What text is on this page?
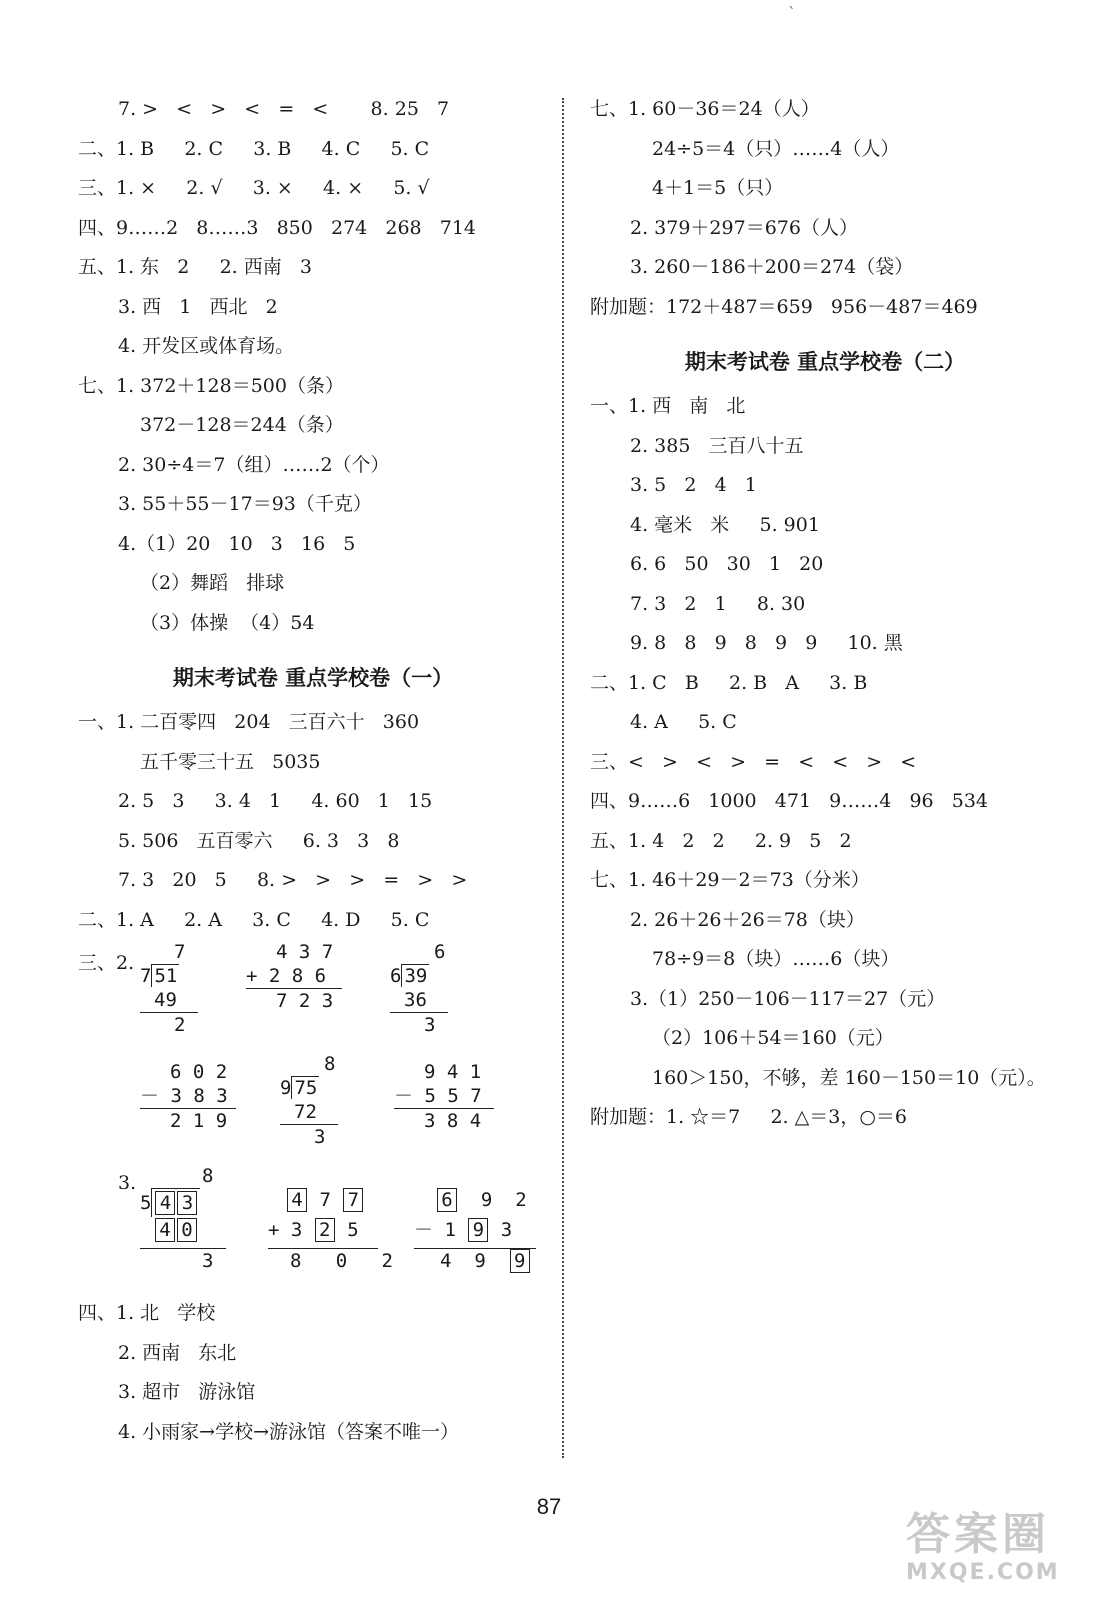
ˋ
7. >   <   >   <   =   <       8. 25   7
二、1. B     2. C     3. B     4. C     5. C
三、1. ×     2. √     3. ×     4. ×     5. √
四、9……2   8……3   850   274   268   714
五、1. 东   2     2. 西南   3
3. 西   1   西北   2
4. 开发区或体育场。
七、1. 372＋128＝500（条）
372－128＝244（条）
2. 30÷4＝7（组）……2（个）
3. 55＋55－17＝93（千克）
4.（1）20   10   3   16   5
（2）舞蹈   排球
（3）体操  （4）54
期末考试卷 重点学校卷（一）
一、1. 二百零四   204   三百六十   360
五千零三十五   5035
2. 5   3     3. 4   1     4. 60   1   15
5. 506   五百零六     6. 3   3   8
7. 3   20   5     8. >   >   >   =   >   >
二、1. A     2. A     3. C     4. D     5. C
三、2.	7
7 51
49
2
4 3 7
+ 2 8 6
7 2 3
6
6 39
36
3
6 0 2
－ 3 8 3
2 1 9
8
9 75
72
3
9 4 1
－ 5 5 7
3 8 4
3.	8
5 4 3
4 0
3
4 7 7
+ 3 2 5
8   0   2
6 9 2
－ 1 9 3
4 9 9
四、1. 北   学校
2. 西南   东北
3. 超市   游泳馆
4. 小雨家→学校→游泳馆（答案不唯一）
七、1. 60－36＝24（人）
24÷5＝4（只）……4（人）
4＋1＝5（只）
2. 379＋297＝676（人）
3. 260－186＋200＝274（袋）
附加题：172＋487＝659   956－487＝469
期末考试卷 重点学校卷（二）
一、1. 西   南   北
2. 385   三百八十五
3. 5   2   4   1
4. 毫米   米     5. 901
6. 6   50   30   1   20
7. 3   2   1     8. 30
9. 8   8   9   8   9   9     10. 黑
二、1. C   B     2. B   A     3. B
4. A     5. C
三、<   >   <   >   =   <   <   >   <
四、9……6   1000   471   9……4   96   534
五、1. 4   2   2     2. 9   5   2
七、1. 46＋29－2＝73（分米）
2. 26＋26＋26＝78（块）
78÷9＝8（块）……6（块）
3.（1）250－106－117＝27（元）
（2）106＋54＝160（元）
160＞150，不够，差 160－150＝10（元）。
附加题：1. ☆＝7     2. △＝3，○＝6
87
答案圈
MXQE.COM
